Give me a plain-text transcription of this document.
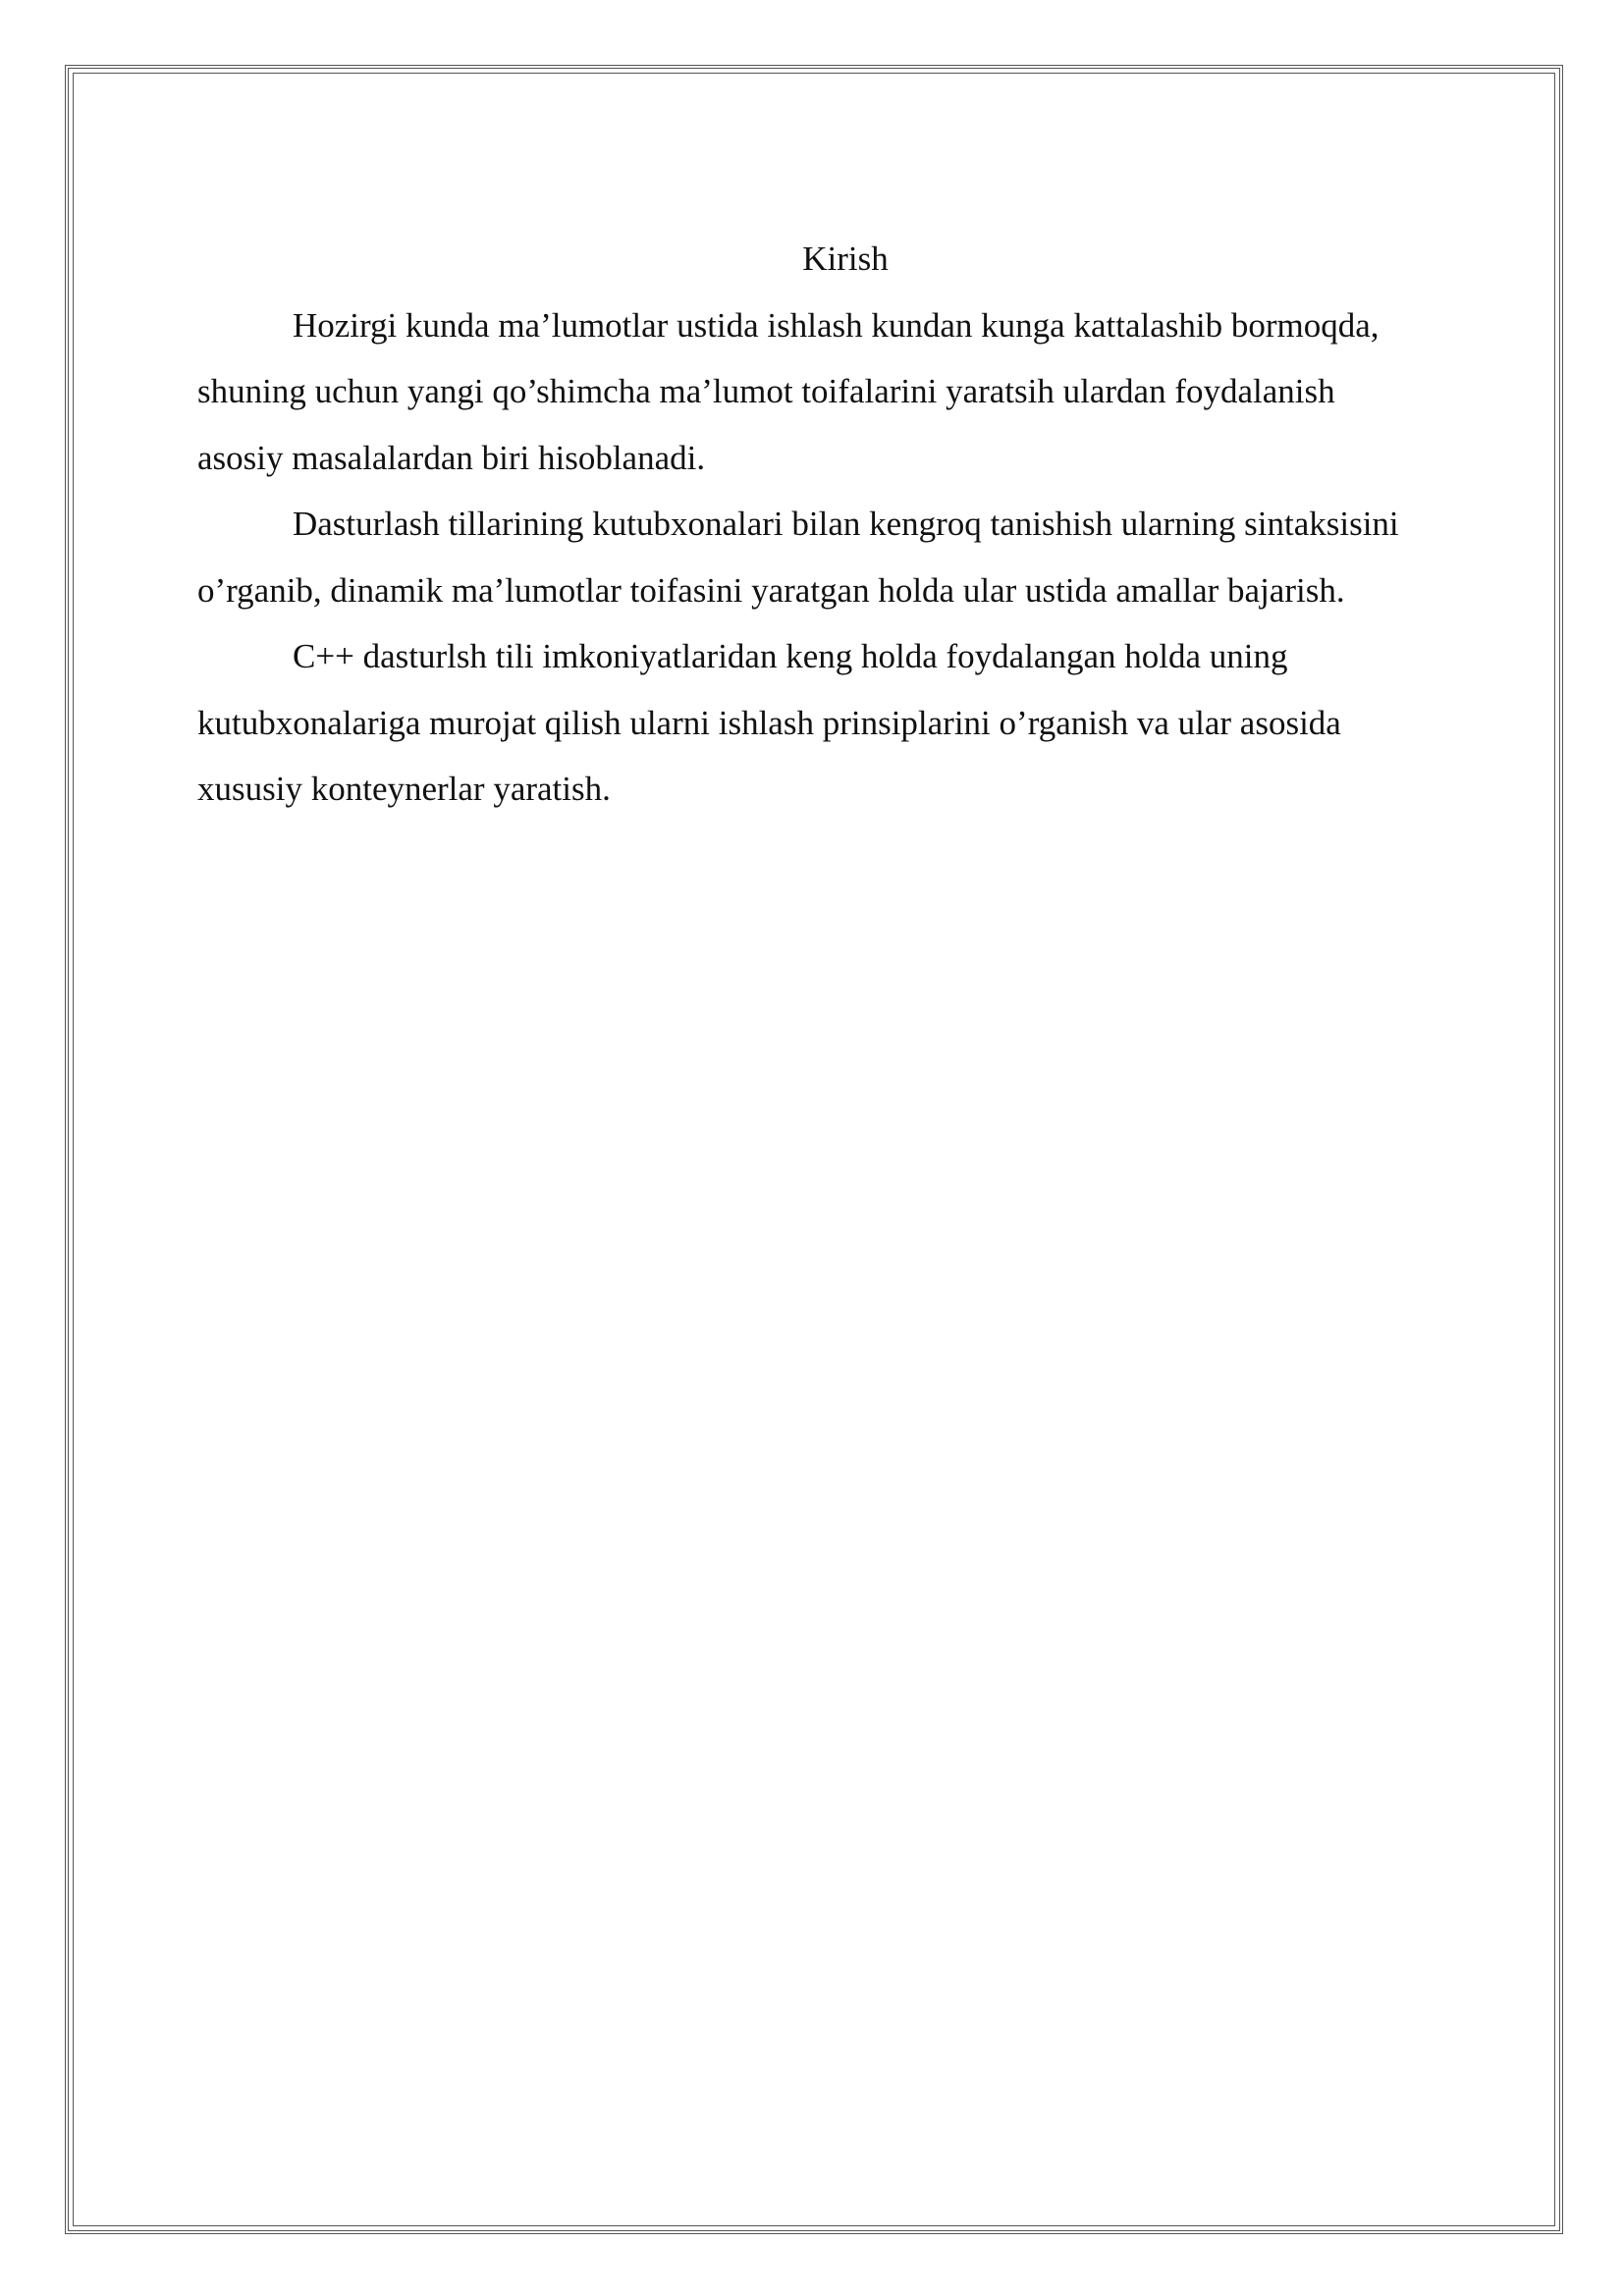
Kirish

Hozirgi kunda ma’lumotlar ustida ishlash kundan kunga kattalashib bormoqda, shuning uchun yangi qo’shimcha ma’lumot toifalarini yaratsih ulardan foydalanish asosiy masalalardan biri hisoblanadi.

Dasturlash tillarining kutubxonalari bilan kengroq tanishish ularning sintaksisini o’rganib, dinamik ma’lumotlar toifasini yaratgan holda ular ustida amallar bajarish.

C++ dasturlsh tili imkoniyatlaridan keng holda foydalangan holda uning kutubxonalariga murojat qilish ularni ishlash prinsiplarini o’rganish va ular asosida xususiy konteynerlar yaratish.
